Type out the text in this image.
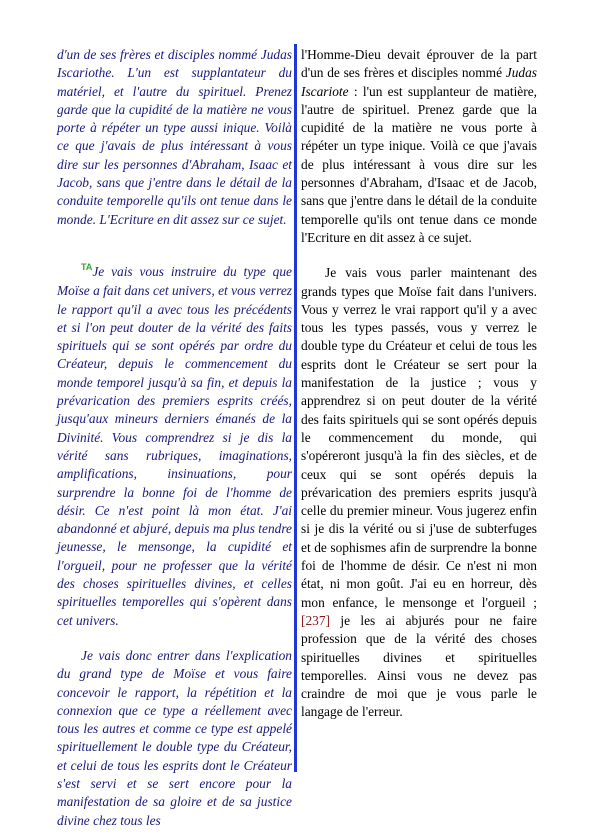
d'un de ses frères et disciples nommé Judas Iscariothe. L'un est supplantateur du matériel, et l'autre du spirituel. Prenez garde que la cupidité de la matière ne vous porte à répéter un type aussi inique. Voilà ce que j'avais de plus intéressant à vous dire sur les personnes d'Abraham, Isaac et Jacob, sans que j'entre dans le détail de la conduite temporelle qu'ils ont tenue dans le monde. L'Ecriture en dit assez sur ce sujet.

$^{TA}$Je vais vous instruire du type que Moïse a fait dans cet univers, et vous verrez le rapport qu'il a avec tous les précédents et si l'on peut douter de la vérité des faits spirituels qui se sont opérés par ordre du Créateur, depuis le commencement du monde temporel jusqu'à sa fin, et depuis la prévarication des premiers esprits créés, jusqu'aux mineurs derniers émanés de la Divinité. Vous comprendrez si je dis la vérité sans rubriques, imaginations, amplifications, insinuations, pour surprendre la bonne foi de l'homme de désir. Ce n'est point là mon état. J'ai abandonné et abjuré, depuis ma plus tendre jeunesse, le mensonge, la cupidité et l'orgueil, pour ne professer que la vérité des choses spirituelles divines, et celles spirituelles temporelles qui s'opèrent dans cet univers.

Je vais donc entrer dans l'explication du grand type de Moïse et vous faire concevoir le rapport, la répétition et la connexion que ce type a réellement avec tous les autres et comme ce type est appelé spirituellement le double type du Créateur, et celui de tous les esprits dont le Créateur s'est servi et se sert encore pour la manifestation de sa gloire et de sa justice divine chez tous les

l'Homme-Dieu devait éprouver de la part d'un de ses frères et disciples nommé Judas Iscariote : l'un est supplanteur de matière, l'autre de spirituel. Prenez garde que la cupidité de la matière ne vous porte à répéter un type inique. Voilà ce que j'avais de plus intéressant à vous dire sur les personnes d'Abraham, d'Isaac et de Jacob, sans que j'entre dans le détail de la conduite temporelle qu'ils ont tenue dans ce monde l'Ecriture en dit assez à ce sujet.

Je vais vous parler maintenant des grands types que Moïse fait dans l'univers. Vous y verrez le vrai rapport qu'il y a avec tous les types passés, vous y verrez le double type du Créateur et celui de tous les esprits dont le Créateur se sert pour la manifestation de la justice ; vous y apprendrez si on peut douter de la vérité des faits spirituels qui se sont opérés depuis le commencement du monde, qui s'opéreront jusqu'à la fin des siècles, et de ceux qui se sont opérés depuis la prévarication des premiers esprits jusqu'à celle du premier mineur. Vous jugerez enfin si je dis la vérité ou si j'use de subterfuges et de sophismes afin de surprendre la bonne foi de l'homme de désir. Ce n'est ni mon état, ni mon goût. J'ai eu en horreur, dès mon enfance, le mensonge et l'orgueil ; [237] je les ai abjurés pour ne faire profession que de la vérité des choses spirituelles divines et spirituelles temporelles. Ainsi vous ne devez pas craindre de moi que je vous parle le langage de l'erreur.
